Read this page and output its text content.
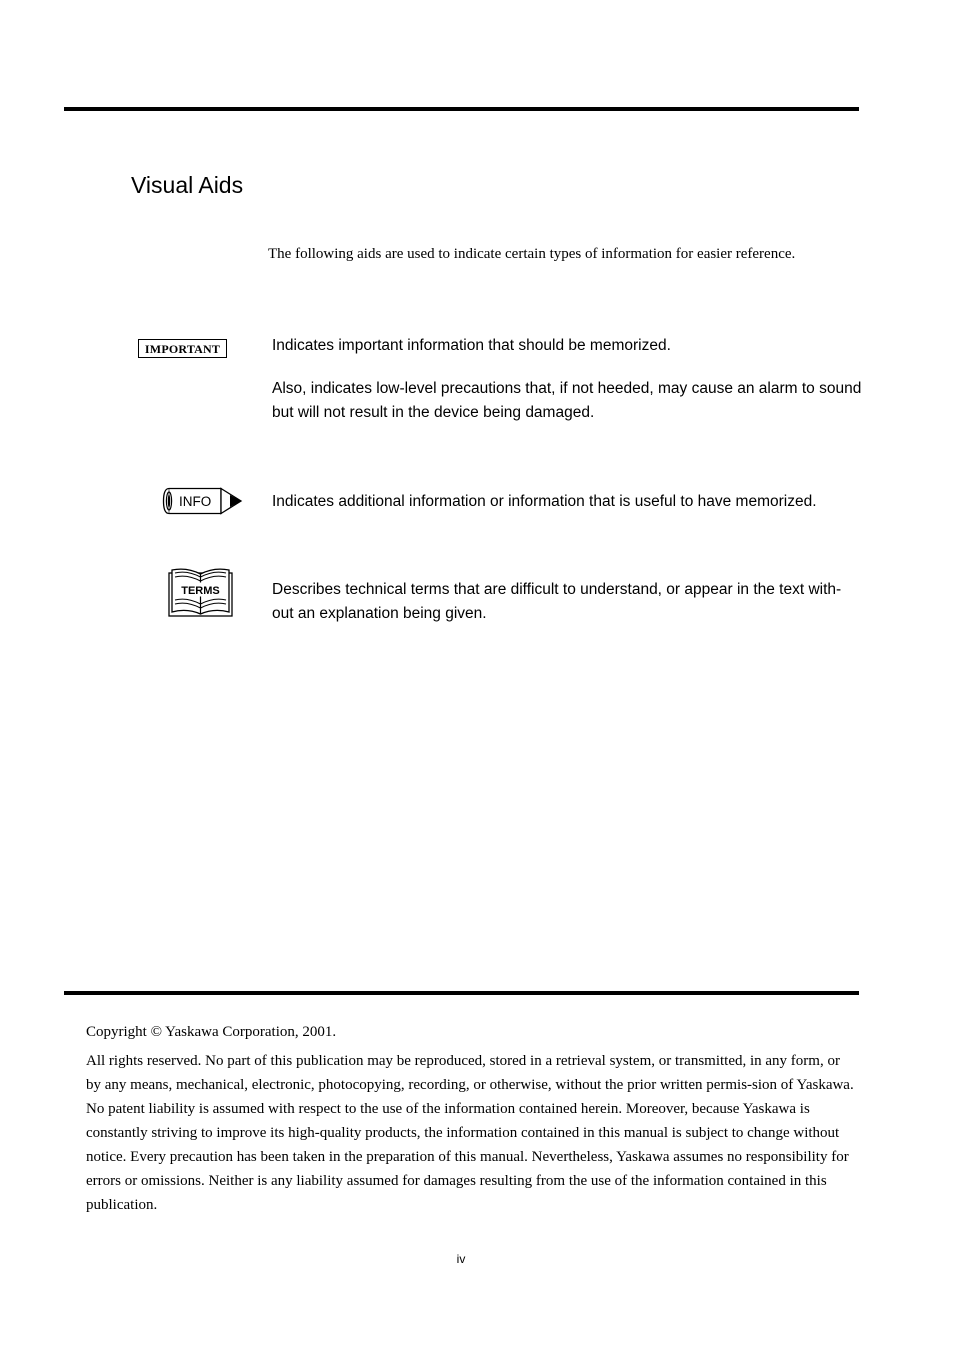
Visual Aids
The following aids are used to indicate certain types of information for easier reference.
IMPORTANT	Indicates important information that should be memorized.

Also, indicates low-level precautions that, if not heeded, may cause an alarm to sound but will not result in the device being damaged.

INFO	Indicates additional information or information that is useful to have memorized.

TERMS	Describes technical terms that are difficult to understand, or appear in the text with-out an explanation being given.

Copyright © Yaskawa Corporation, 2001.

All rights reserved. No part of this publication may be reproduced, stored in a retrieval system, or transmitted, in any form, or by any means, mechanical, electronic, photocopying, recording, or otherwise, without the prior written permis-sion of Yaskawa. No patent liability is assumed with respect to the use of the information contained herein. Moreover, because Yaskawa is constantly striving to improve its high-quality products, the information contained in this manual is subject to change without notice. Every precaution has been taken in the preparation of this manual. Nevertheless, Yaskawa assumes no responsibility for errors or omissions. Neither is any liability assumed for damages resulting from the use of the information contained in this publication.

iv
